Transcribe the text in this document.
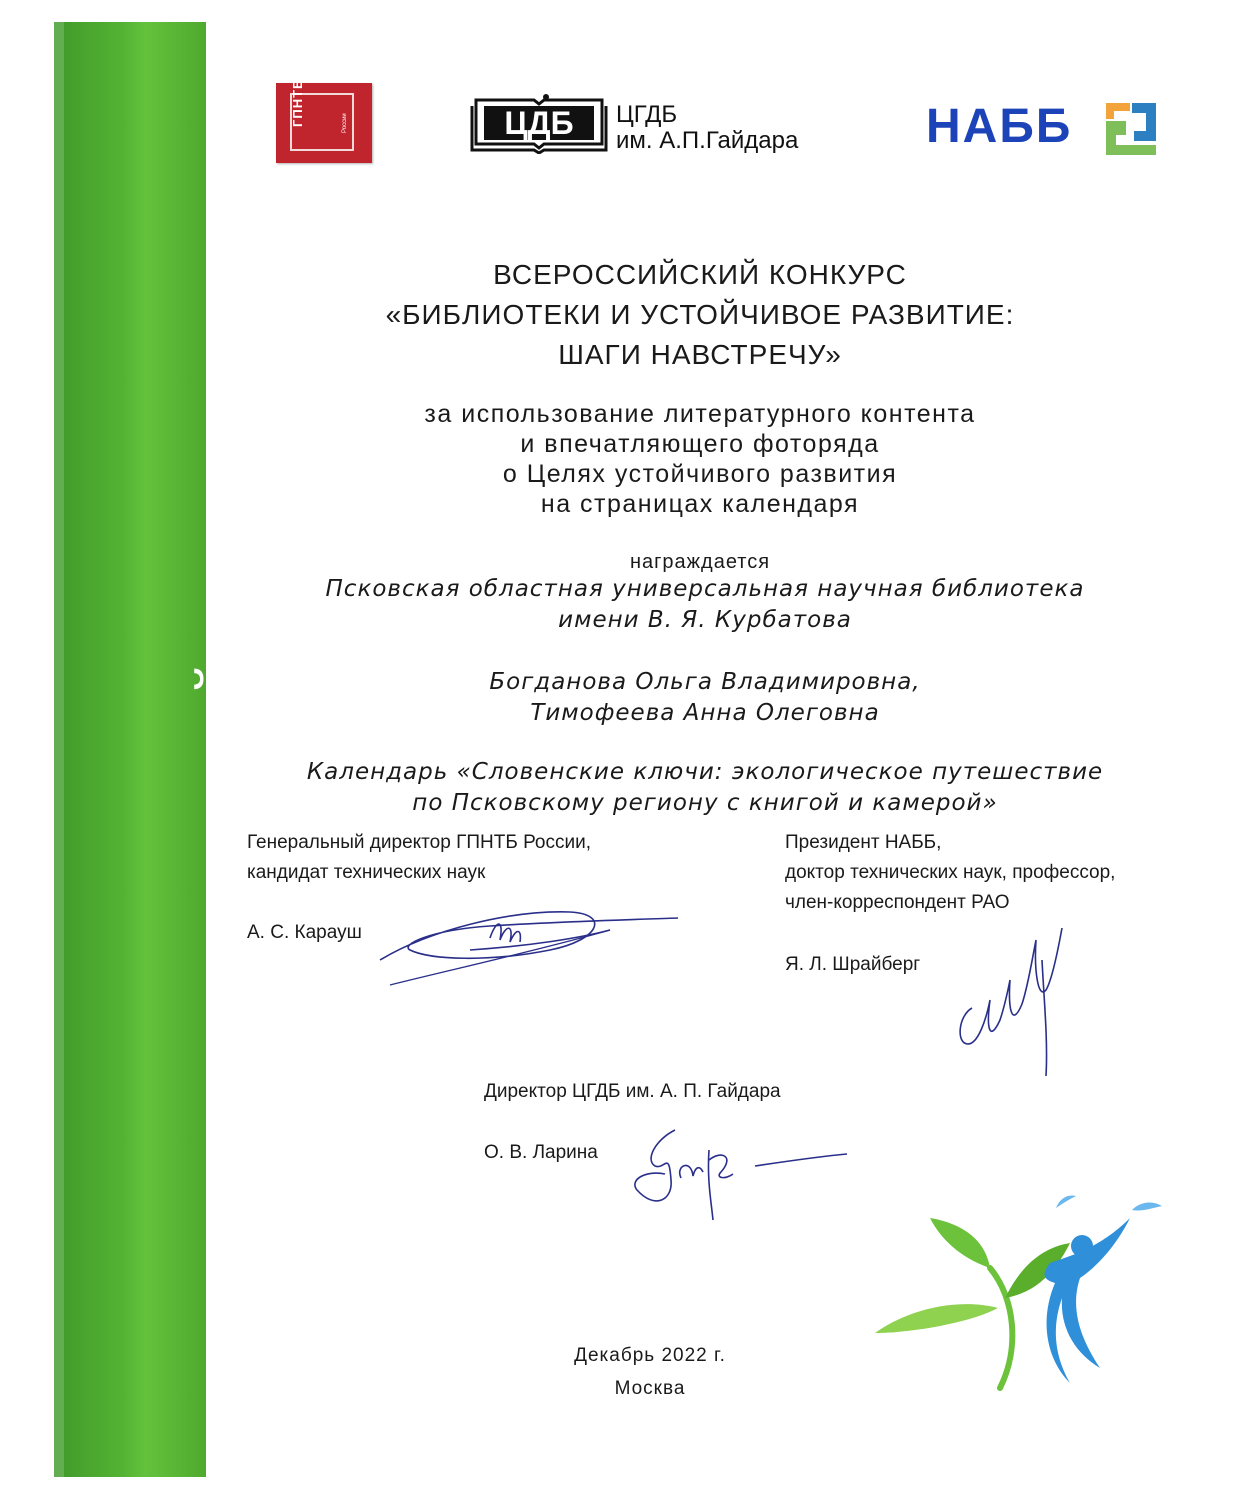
СПЕЦИАЛЬНЫЙ ДИПЛОМ
ГПНТБ	России	ЦДБ ЦГДБ
им. А.П.Гайдара	НАББ
ВСЕРОССИЙСКИЙ КОНКУРС
«БИБЛИОТЕКИ И УСТОЙЧИВОЕ РАЗВИТИЕ:
ШАГИ НАВСТРЕЧУ»
за использование литературного контента
и впечатляющего фоторяда
о Целях устойчивого развития
на страницах календаря
награждается
Псковская областная универсальная научная библиотека
имени В. Я. Курбатова
Богданова Ольга Владимировна,
Тимофеева Анна Олеговна
Календарь «Словенские ключи: экологическое путешествие
по Псковскому региону с книгой и камерой»
Генеральный директор ГПНТБ России,
кандидат технических наук
А. С. Карауш
Президент НАББ,
доктор технических наук, профессор,
член-корреспондент РАО
Я. Л. Шрайберг
Директор ЦГДБ им. А. П. Гайдара
О. В. Ларина
Декабрь 2022 г.
Москва
